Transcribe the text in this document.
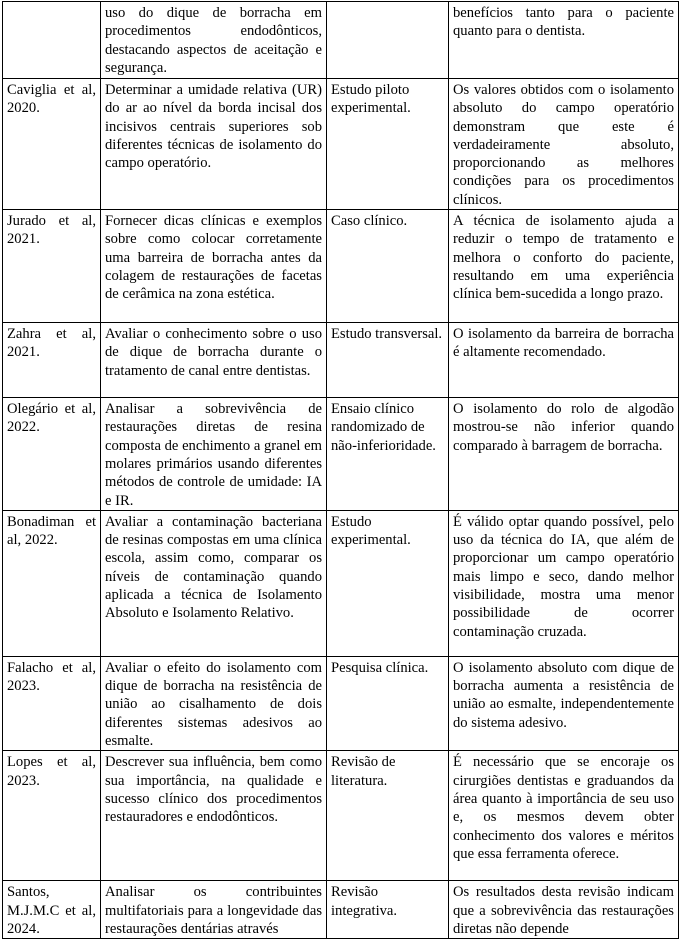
	uso do dique de borracha em procedimentos endodônticos, destacando aspectos de aceitação e segurança.		benefícios tanto para o paciente quanto para o dentista.
Caviglia et al, 2020.	Determinar a umidade relativa (UR) do ar ao nível da borda incisal dos incisivos centrais superiores sob diferentes técnicas de isolamento do campo operatório.	Estudo piloto experimental.	Os valores obtidos com o isolamento absoluto do campo operatório demonstram que este é verdadeiramente absoluto, proporcionando as melhores condições para os procedimentos clínicos.
Jurado et al, 2021.	Fornecer dicas clínicas e exemplos sobre como colocar corretamente uma barreira de borracha antes da colagem de restaurações de facetas de cerâmica na zona estética.	Caso clínico.	A técnica de isolamento ajuda a reduzir o tempo de tratamento e melhora o conforto do paciente, resultando em uma experiência clínica bem-sucedida a longo prazo.
Zahra et al, 2021.	Avaliar o conhecimento sobre o uso de dique de borracha durante o tratamento de canal entre dentistas.	Estudo transversal.	O isolamento da barreira de borracha é altamente recomendado.
Olegário et al, 2022.	Analisar a sobrevivência de restaurações diretas de resina composta de enchimento a granel em molares primários usando diferentes métodos de controle de umidade: IA e IR.	Ensaio clínico randomizado de não-inferioridade.	O isolamento do rolo de algodão mostrou-se não inferior quando comparado à barragem de borracha.
Bonadiman et al, 2022.	Avaliar a contaminação bacteriana de resinas compostas em uma clínica escola, assim como, comparar os níveis de contaminação quando aplicada a técnica de Isolamento Absoluto e Isolamento Relativo.	Estudo experimental.	É válido optar quando possível, pelo uso da técnica do IA, que além de proporcionar um campo operatório mais limpo e seco, dando melhor visibilidade, mostra uma menor possibilidade de ocorrer contaminação cruzada.
Falacho et al, 2023.	Avaliar o efeito do isolamento com dique de borracha na resistência de união ao cisalhamento de dois diferentes sistemas adesivos ao esmalte.	Pesquisa clínica.	O isolamento absoluto com dique de borracha aumenta a resistência de união ao esmalte, independentemente do sistema adesivo.
Lopes et al, 2023.	Descrever sua influência, bem como sua importância, na qualidade e sucesso clínico dos procedimentos restauradores e endodônticos.	Revisão de literatura.	É necessário que se encoraje os cirurgiões dentistas e graduandos da área quanto à importância de seu uso e, os mesmos devem obter conhecimento dos valores e méritos que essa ferramenta oferece.
Santos, M.J.M.C et al, 2024.	Analisar os contribuintes multifatoriais para a longevidade das restaurações dentárias através	Revisão integrativa.	Os resultados desta revisão indicam que a sobrevivência das restaurações diretas não depende
